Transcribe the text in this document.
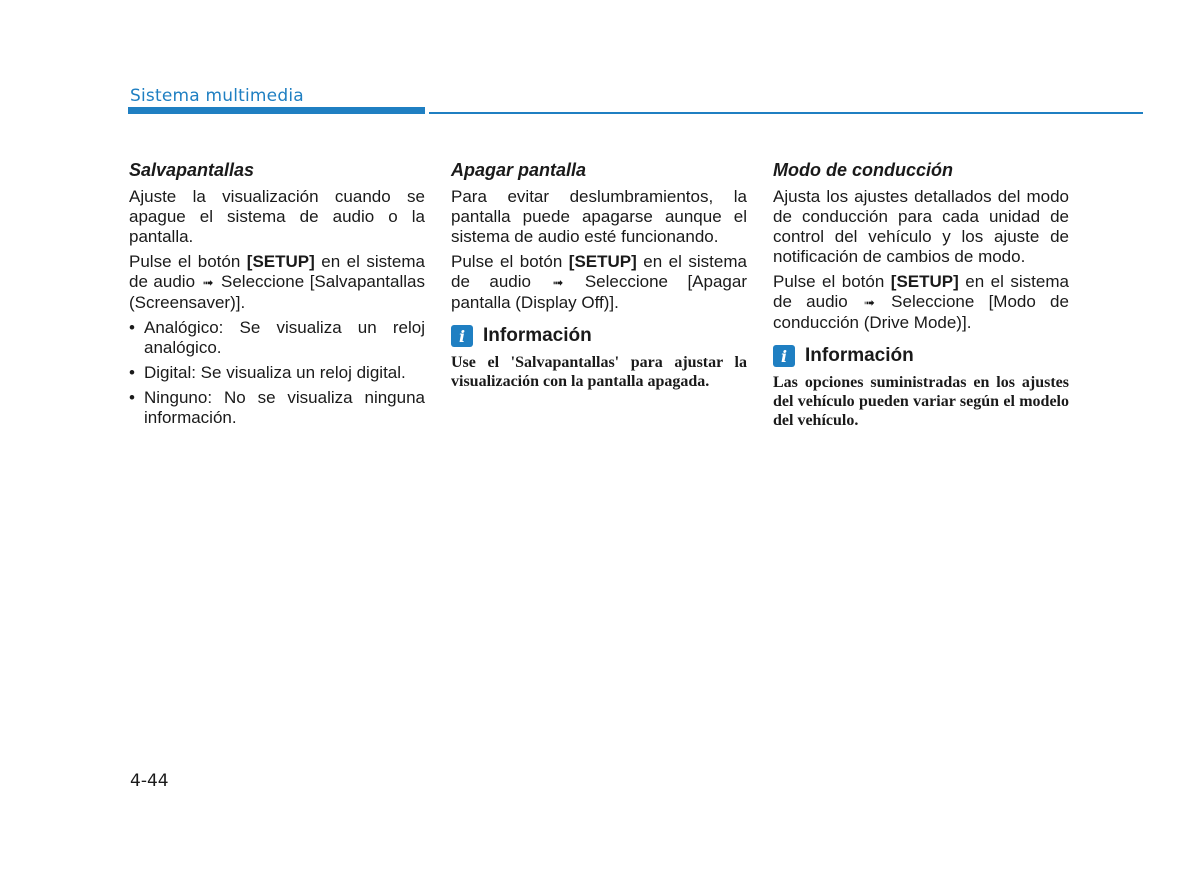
Sistema multimedia
Salvapantallas
Ajuste la visualización cuando se apague el sistema de audio o la pantalla.
Pulse el botón [SETUP] en el sistema de audio ➟ Seleccione [Salvapantallas (Screensaver)].
• Analógico: Se visualiza un reloj analógico.
• Digital: Se visualiza un reloj digital.
• Ninguno: No se visualiza ninguna información.
Apagar pantalla
Para evitar deslumbramientos, la pantalla puede apagarse aunque el sistema de audio esté funcionando.
Pulse el botón [SETUP] en el sistema de audio ➟ Seleccione [Apagar pantalla (Display Off)].
i Información
Use el 'Salvapantallas' para ajustar la visualización con la pantalla apagada.
Modo de conducción
Ajusta los ajustes detallados del modo de conducción para cada unidad de control del vehículo y los ajuste de notificación de cambios de modo.
Pulse el botón [SETUP] en el sistema de audio ➟ Seleccione [Modo de conducción (Drive Mode)].
i Información
Las opciones suministradas en los ajustes del vehículo pueden variar según el modelo del vehículo.
4-44
